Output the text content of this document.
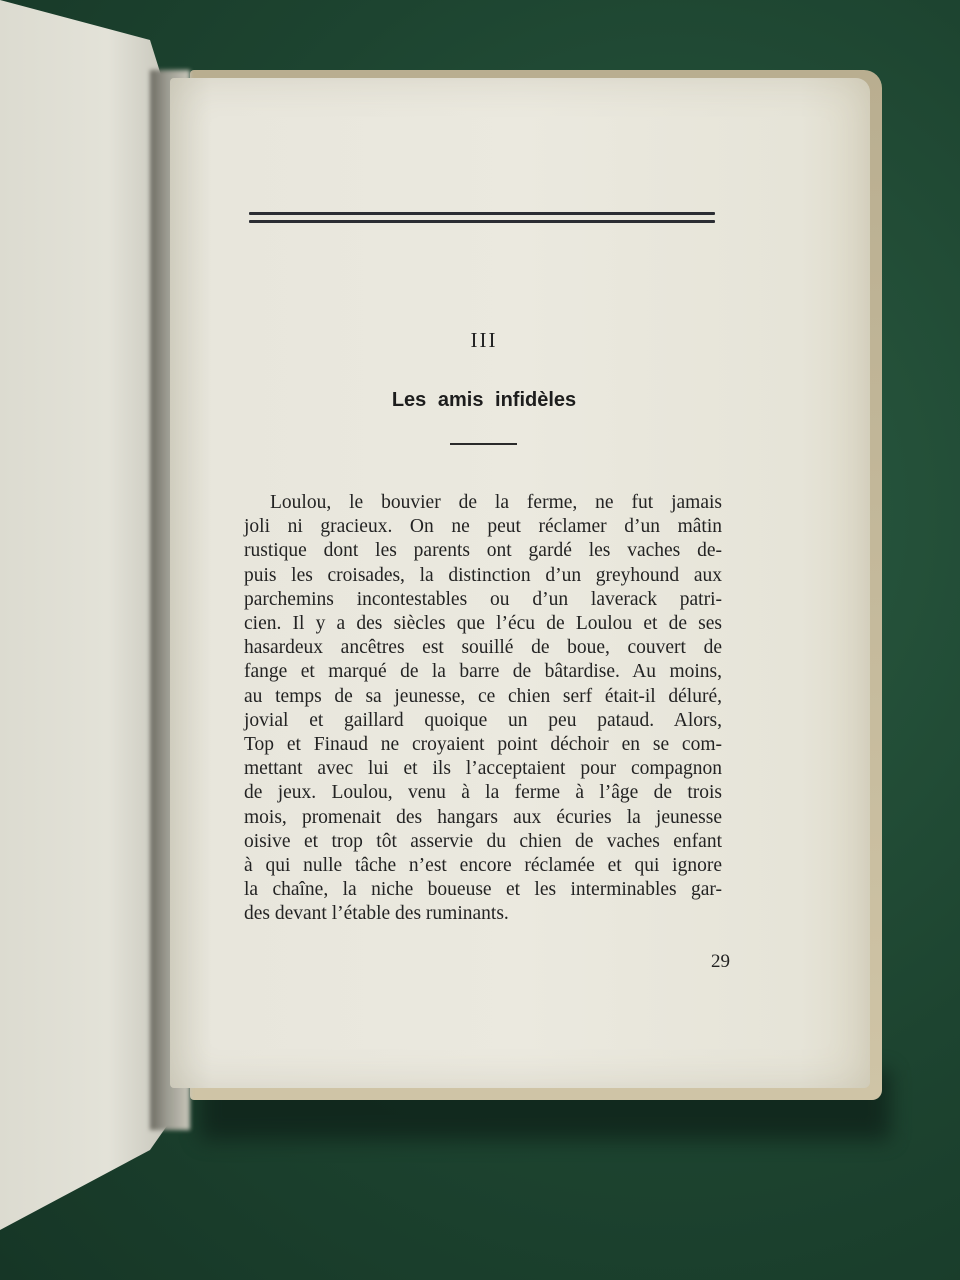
III
Les amis infidèles
Loulou, le bouvier de la ferme, ne fut jamais
joli ni gracieux. On ne peut réclamer d’un mâtin
rustique dont les parents ont gardé les vaches de-
puis les croisades, la distinction d’un greyhound aux
parchemins incontestables ou d’un laverack patri-
cien. Il y a des siècles que l’écu de Loulou et de ses
hasardeux ancêtres est souillé de boue, couvert de
fange et marqué de la barre de bâtardise. Au moins,
au temps de sa jeunesse, ce chien serf était-il déluré,
jovial et gaillard quoique un peu pataud. Alors,
Top et Finaud ne croyaient point déchoir en se com-
mettant avec lui et ils l’acceptaient pour compagnon
de jeux. Loulou, venu à la ferme à l’âge de trois
mois, promenait des hangars aux écuries la jeunesse
oisive et trop tôt asservie du chien de vaches enfant
à qui nulle tâche n’est encore réclamée et qui ignore
la chaîne, la niche boueuse et les interminables gar-
des devant l’étable des ruminants.
29
